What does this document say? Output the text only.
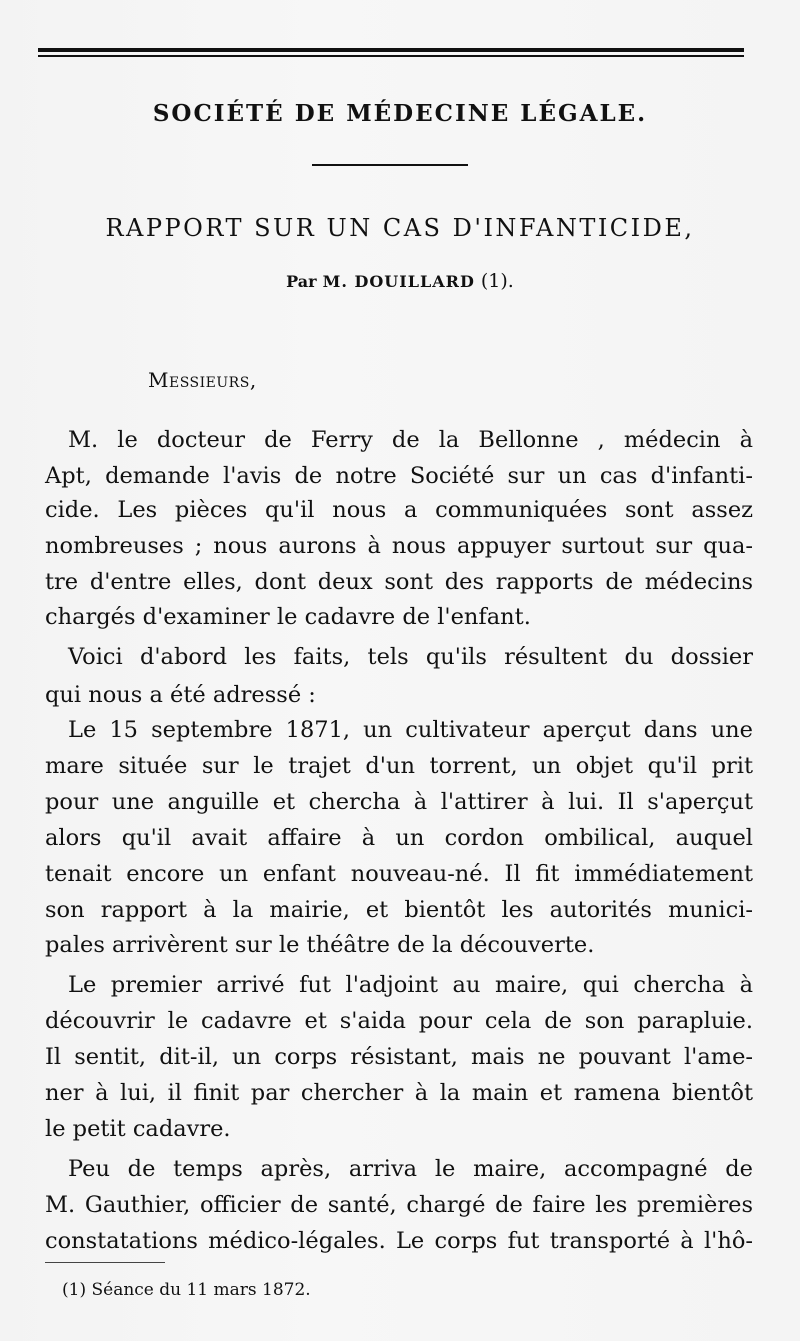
SOCIÉTÉ DE MÉDECINE LÉGALE.
RAPPORT SUR UN CAS D'INFANTICIDE,
Par M. DOUILLARD (1).
Messieurs,
M. le docteur de Ferry de la Bellonne , médecin à
Apt, demande l'avis de notre Société sur un cas d'infanti-
cide. Les pièces qu'il nous a communiquées sont assez
nombreuses ; nous aurons à nous appuyer surtout sur qua-
tre d'entre elles, dont deux sont des rapports de médecins
chargés d'examiner le cadavre de l'enfant.
Voici d'abord les faits, tels qu'ils résultent du dossier
qui nous a été adressé :
Le 15 septembre 1871, un cultivateur aperçut dans une
mare située sur le trajet d'un torrent, un objet qu'il prit
pour une anguille et chercha à l'attirer à lui. Il s'aperçut
alors qu'il avait affaire à un cordon ombilical, auquel
tenait encore un enfant nouveau-né. Il fit immédiatement
son rapport à la mairie, et bientôt les autorités munici-
pales arrivèrent sur le théâtre de la découverte.
Le premier arrivé fut l'adjoint au maire, qui chercha à
découvrir le cadavre et s'aida pour cela de son parapluie.
Il sentit, dit-il, un corps résistant, mais ne pouvant l'ame-
ner à lui, il finit par chercher à la main et ramena bientôt
le petit cadavre.
Peu de temps après, arriva le maire, accompagné de
M. Gauthier, officier de santé, chargé de faire les premières
constatations médico-légales. Le corps fut transporté à l'hô-
(1) Séance du 11 mars 1872.
